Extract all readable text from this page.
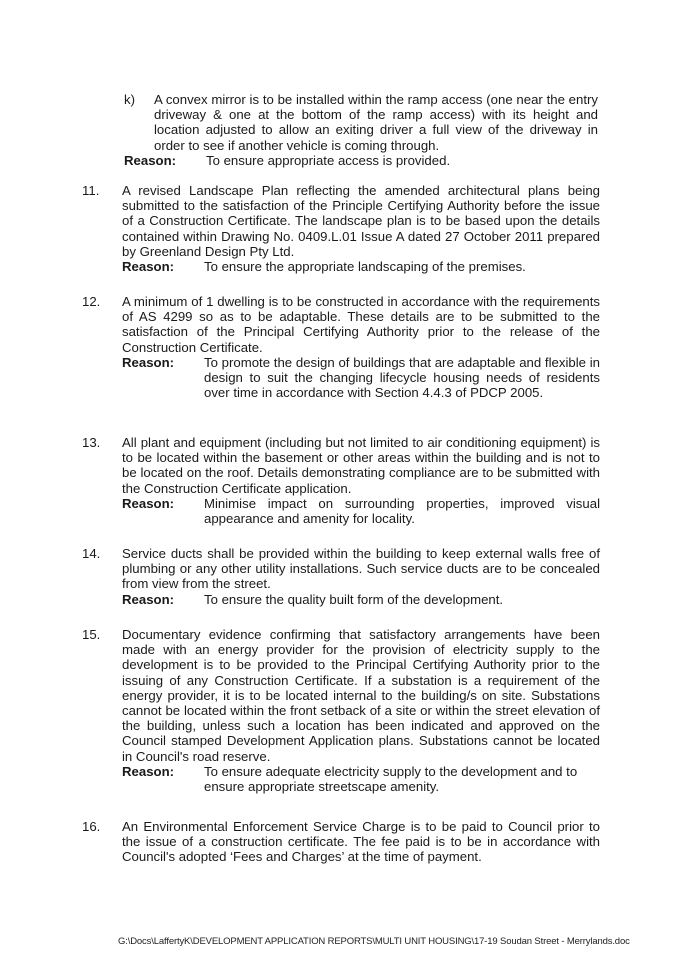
k) A convex mirror is to be installed within the ramp access (one near the entry driveway & one at the bottom of the ramp access) with its height and location adjusted to allow an exiting driver a full view of the driveway in order to see if another vehicle is coming through.
Reason: To ensure appropriate access is provided.
11. A revised Landscape Plan reflecting the amended architectural plans being submitted to the satisfaction of the Principle Certifying Authority before the issue of a Construction Certificate. The landscape plan is to be based upon the details contained within Drawing No. 0409.L.01 Issue A dated 27 October 2011 prepared by Greenland Design Pty Ltd.
Reason: To ensure the appropriate landscaping of the premises.
12. A minimum of 1 dwelling is to be constructed in accordance with the requirements of AS 4299 so as to be adaptable. These details are to be submitted to the satisfaction of the Principal Certifying Authority prior to the release of the Construction Certificate.
Reason: To promote the design of buildings that are adaptable and flexible in design to suit the changing lifecycle housing needs of residents over time in accordance with Section 4.4.3 of PDCP 2005.
13. All plant and equipment (including but not limited to air conditioning equipment) is to be located within the basement or other areas within the building and is not to be located on the roof. Details demonstrating compliance are to be submitted with the Construction Certificate application.
Reason: Minimise impact on surrounding properties, improved visual appearance and amenity for locality.
14. Service ducts shall be provided within the building to keep external walls free of plumbing or any other utility installations. Such service ducts are to be concealed from view from the street.
Reason: To ensure the quality built form of the development.
15. Documentary evidence confirming that satisfactory arrangements have been made with an energy provider for the provision of electricity supply to the development is to be provided to the Principal Certifying Authority prior to the issuing of any Construction Certificate. If a substation is a requirement of the energy provider, it is to be located internal to the building/s on site. Substations cannot be located within the front setback of a site or within the street elevation of the building, unless such a location has been indicated and approved on the Council stamped Development Application plans. Substations cannot be located in Council's road reserve.
Reason: To ensure adequate electricity supply to the development and to ensure appropriate streetscape amenity.
16. An Environmental Enforcement Service Charge is to be paid to Council prior to the issue of a construction certificate. The fee paid is to be in accordance with Council's adopted ‘Fees and Charges’ at the time of payment.
G:\Docs\LaffertyK\DEVELOPMENT APPLICATION REPORTS\MULTI UNIT HOUSING\17-19 Soudan Street - Merrylands.doc
